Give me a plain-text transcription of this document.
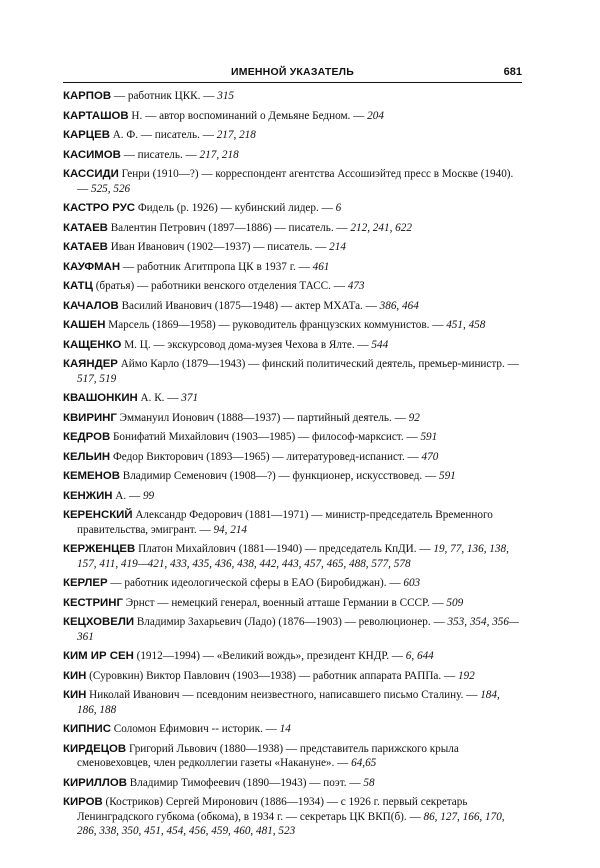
ИМЕННОЙ УКАЗАТЕЛЬ	681

КАРПОВ — работник ЦКК. — 315

КАРТАШОВ Н. — автор воспоминаний о Демьяне Бедном. — 204

КАРЦЕВ А. Ф. — писатель. — 217, 218

КАСИМОВ — писатель. — 217, 218

КАССИДИ Генри (1910—?) — корреспондент агентства Ассошиэйтед пресс в Москве (1940). — 525, 526

КАСТРО РУС Фидель (р. 1926) — кубинский лидер. — 6

КАТАЕВ Валентин Петрович (1897—1886) — писатель. — 212, 241, 622

КАТАЕВ Иван Иванович (1902—1937) — писатель. — 214

КАУФМАН — работник Агитпропа ЦК в 1937 г. — 461

КАТЦ (братья) — работники венского отделения ТАСС. — 473

КАЧАЛОВ Василий Иванович (1875—1948) — актер МХАТа. — 386, 464

КАШЕН Марсель (1869—1958) — руководитель французских коммунистов. — 451, 458

КАЩЕНКО М. Ц. — экскурсовод дома-музея Чехова в Ялте. — 544

КАЯНДЕР Аймо Карло (1879—1943) — финский политический деятель, премьер-министр. — 517, 519

КВАШОНКИН А. К. — 371

КВИРИНГ Эммануил Ионович (1888—1937) — партийный деятель. — 92

КЕДРОВ Бонифатий Михайлович (1903—1985) — философ-марксист. — 591

КЕЛЬИН Федор Викторович (1893—1965) — литературовед-испанист. — 470

КЕМЕНОВ Владимир Семенович (1908—?) — функционер, искусствовед. — 591

КЕНЖИН А. — 99

КЕРЕНСКИЙ Александр Федорович (1881—1971) — министр-председатель Временного правительства, эмигрант. — 94, 214

КЕРЖЕНЦЕВ Платон Михайлович (1881—1940) — председатель КпДИ. — 19, 77, 136, 138, 157, 411, 419—421, 433, 435, 436, 438, 442, 443, 457, 465, 488, 577, 578

КЕРЛЕР — работник идеологической сферы в ЕАО (Биробиджан). — 603

КЕСТРИНГ Эрнст — немецкий генерал, военный атташе Германии в СССР. — 509

КЕЦХОВЕЛИ Владимир Захарьевич (Ладо) (1876—1903) — революционер. — 353, 354, 356—361

КИМ ИР СЕН (1912—1994) — «Великий вождь», президент КНДР. — 6, 644

КИН (Суровкин) Виктор Павлович (1903—1938) — работник аппарата РАППа. — 192

КИН Николай Иванович — псевдоним неизвестного, написавшего письмо Сталину. — 184, 186, 188

КИПНИС Соломон Ефимович -- историк. — 14

КИРДЕЦОВ Григорий Львович (1880—1938) — представитель парижского крыла сменовеховцев, член редколлегии газеты «Накануне». — 64,65

КИРИЛЛОВ Владимир Тимофеевич (1890—1943) — поэт. — 58

КИРОВ (Костриков) Сергей Миронович (1886—1934) — с 1926 г. первый секретарь Ленинградского губкома (обкома), в 1934 г. — секретарь ЦК ВКП(б). — 86, 127, 166, 170, 286, 338, 350, 451, 454, 456, 459, 460, 481, 523
